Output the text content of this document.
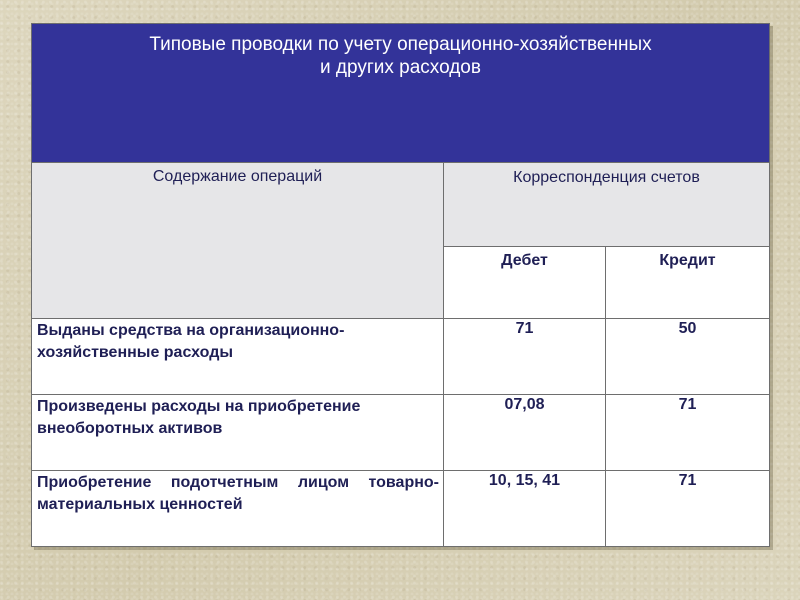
Типовые проводки по учету операционно-хозяйственных
и других расходов		

Содержание операций	Корреспонденция счетов	
	Дебет	Кредит
Выданы средства на организационно-хозяйственные расходы	71	50
Произведены расходы на приобретение внеоборотных активов	07,08	71
Приобретение подотчетным лицом товарно-материальных ценностей	10, 15, 41	71
